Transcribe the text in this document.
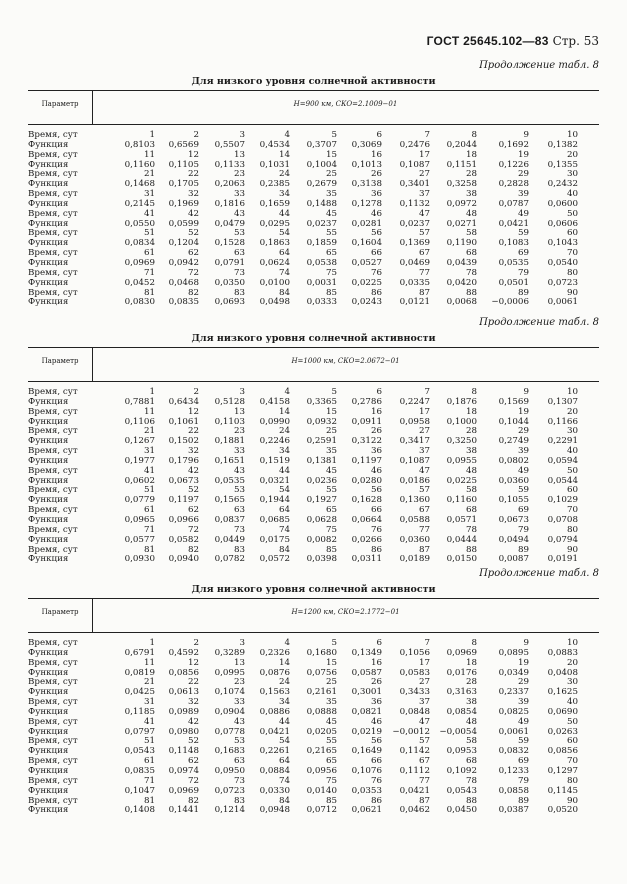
ГОСТ 25645.102—83 Стр. 53
Продолжение табл. 8
Для низкого уровня солнечной активности
Параметр	H=900 км, СКО=2.1009−01
Время, сут	1	2	3	4	5	6	7	8	9	10
Функция	0,8103	0,6569	0,5507	0,4534	0,3707	0,3069	0,2476	0,2044	0,1692	0,1382
Время, сут	11	12	13	14	15	16	17	18	19	20
Функция	0,1160	0,1105	0,1133	0,1031	0,1004	0,1013	0,1087	0,1151	0,1226	0,1355
Время, сут	21	22	23	24	25	26	27	28	29	30
Функция	0,1468	0,1705	0,2063	0,2385	0,2679	0,3138	0,3401	0,3258	0,2828	0,2432
Время, сут	31	32	33	34	35	36	37	38	39	40
Функция	0,2145	0,1969	0,1816	0,1659	0,1488	0,1278	0,1132	0,0972	0,0787	0,0600
Время, сут	41	42	43	44	45	46	47	48	49	50
Функция	0,0550	0,0599	0,0479	0,0295	0,0237	0,0281	0,0237	0,0271	0,0421	0,0606
Время, сут	51	52	53	54	55	56	57	58	59	60
Функция	0,0834	0,1204	0,1528	0,1863	0,1859	0,1604	0,1369	0,1190	0,1083	0,1043
Время, сут	61	62	63	64	65	66	67	68	69	70
Функция	0,0969	0,0942	0,0791	0,0624	0,0538	0,0527	0,0469	0,0439	0,0535	0,0540
Время, сут	71	72	73	74	75	76	77	78	79	80
Функция	0,0452	0,0468	0,0350	0,0100	0,0031	0,0225	0,0335	0,0420	0,0501	0,0723
Время, сут	81	82	83	84	85	86	87	88	89	90
Функция	0,0830	0,0835	0,0693	0,0498	0,0333	0,0243	0,0121	0,0068	−0,0006	0,0061
Продолжение табл. 8
Для низкого уровня солнечной активности
Параметр	H=1000 км, СКО=2.0672−01
Время, сут	1	2	3	4	5	6	7	8	9	10
Функция	0,7881	0,6434	0,5128	0,4158	0,3365	0,2786	0,2247	0,1876	0,1569	0,1307
Время, сут	11	12	13	14	15	16	17	18	19	20
Функция	0,1106	0,1061	0,1103	0,0990	0,0932	0,0911	0,0958	0,1000	0,1044	0,1166
Время, сут	21	22	23	24	25	26	27	28	29	30
Функция	0,1267	0,1502	0,1881	0,2246	0,2591	0,3122	0,3417	0,3250	0,2749	0,2291
Время, сут	31	32	33	34	35	36	37	38	39	40
Функция	0,1977	0,1796	0,1651	0,1519	0,1381	0,1197	0,1087	0,0955	0,0802	0,0594
Время, сут	41	42	43	44	45	46	47	48	49	50
Функция	0,0602	0,0673	0,0535	0,0321	0,0236	0,0280	0,0186	0,0225	0,0360	0,0544
Время, сут	51	52	53	54	55	56	57	58	59	60
Функция	0,0779	0,1197	0,1565	0,1944	0,1927	0,1628	0,1360	0,1160	0,1055	0,1029
Время, сут	61	62	63	64	65	66	67	68	69	70
Функция	0,0965	0,0966	0,0837	0,0685	0,0628	0,0664	0,0588	0,0571	0,0673	0,0708
Время, сут	71	72	73	74	75	76	77	78	79	80
Функция	0,0577	0,0582	0,0449	0,0175	0,0082	0,0266	0,0360	0,0444	0,0494	0,0794
Время, сут	81	82	83	84	85	86	87	88	89	90
Функция	0,0930	0,0940	0,0782	0,0572	0,0398	0,0311	0,0189	0,0150	0,0087	0,0191
Продолжение табл. 8
Для низкого уровня солнечной активности
Параметр	H=1200 км, СКО=2.1772−01
Время, сут	1	2	3	4	5	6	7	8	9	10
Функция	0,6791	0,4592	0,3289	0,2326	0,1680	0,1349	0,1056	0,0969	0,0895	0,0883
Время, сут	11	12	13	14	15	16	17	18	19	20
Функция	0,0819	0,0856	0,0995	0,0876	0,0756	0,0587	0,0583	0,0176	0,0349	0,0408
Время, сут	21	22	23	24	25	26	27	28	29	30
Функция	0,0425	0,0613	0,1074	0,1563	0,2161	0,3001	0,3433	0,3163	0,2337	0,1625
Время, сут	31	32	33	34	35	36	37	38	39	40
Функция	0,1185	0,0989	0,0904	0,0886	0,0888	0,0821	0,0848	0,0854	0,0825	0,0690
Время, сут	41	42	43	44	45	46	47	48	49	50
Функция	0,0797	0,0980	0,0778	0,0421	0,0205	0,0219	−0,0012	−0,0054	0,0061	0,0263
Время, сут	51	52	53	54	55	56	57	58	59	60
Функция	0,0543	0,1148	0,1683	0,2261	0,2165	0,1649	0,1142	0,0953	0,0832	0,0856
Время, сут	61	62	63	64	65	66	67	68	69	70
Функция	0,0835	0,0974	0,0950	0,0884	0,0956	0,1076	0,1112	0,1092	0,1233	0,1297
Время, сут	71	72	73	74	75	76	77	78	79	80
Функция	0,1047	0,0969	0,0723	0,0330	0,0140	0,0353	0,0421	0,0543	0,0858	0,1145
Время, сут	81	82	83	84	85	86	87	88	89	90
Функция	0,1408	0,1441	0,1214	0,0948	0,0712	0,0621	0,0462	0,0450	0,0387	0,0520
